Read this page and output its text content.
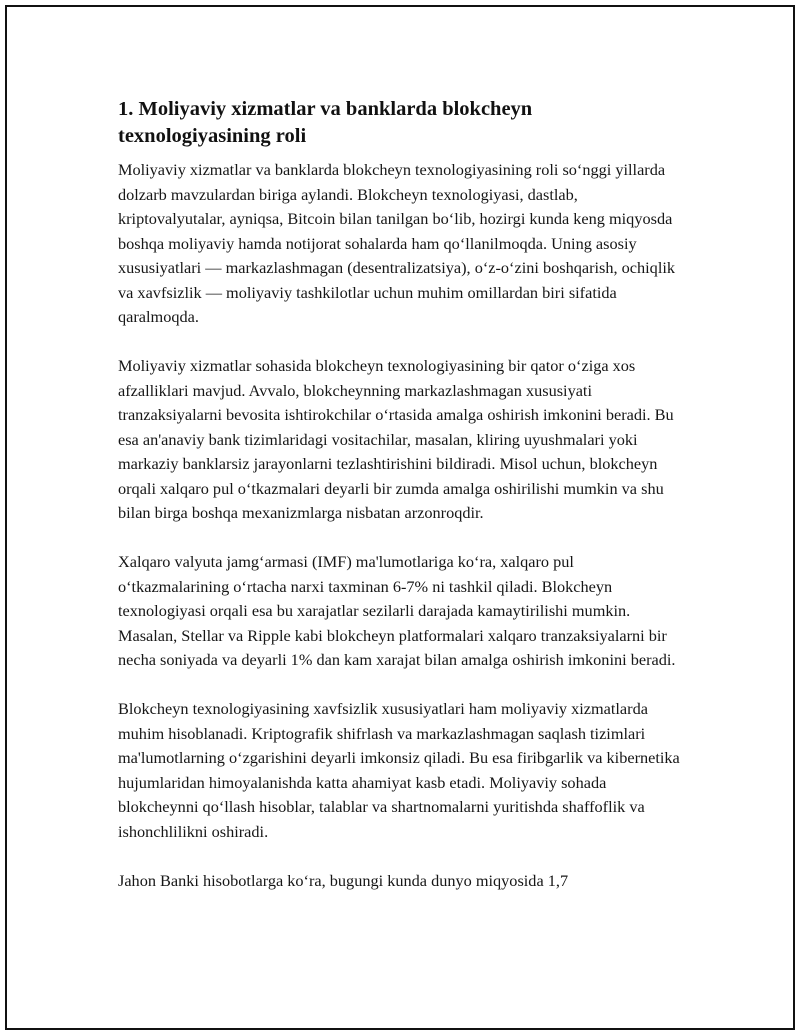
1. Moliyaviy xizmatlar va banklarda blokcheyn texnologiyasining roli

Moliyaviy xizmatlar va banklarda blokcheyn texnologiyasining roli so‘nggi yillarda dolzarb mavzulardan biriga aylandi. Blokcheyn texnologiyasi, dastlab, kriptovalyutalar, ayniqsa, Bitcoin bilan tanilgan bo‘lib, hozirgi kunda keng miqyosda boshqa moliyaviy hamda notijorat sohalarda ham qo‘llanilmoqda. Uning asosiy xususiyatlari — markazlashmagan (desentralizatsiya), o‘z-o‘zini boshqarish, ochiqlik va xavfsizlik — moliyaviy tashkilotlar uchun muhim omillardan biri sifatida qaralmoqda.

Moliyaviy xizmatlar sohasida blokcheyn texnologiyasining bir qator o‘ziga xos afzalliklari mavjud. Avvalo, blokcheynning markazlashmagan xususiyati tranzaksiyalarni bevosita ishtirokchilar o‘rtasida amalga oshirish imkonini beradi. Bu esa an'anaviy bank tizimlaridagi vositachilar, masalan, kliring uyushmalari yoki markaziy banklarsiz jarayonlarni tezlashtirishini bildiradi. Misol uchun, blokcheyn orqali xalqaro pul o‘tkazmalari deyarli bir zumda amalga oshirilishi mumkin va shu bilan birga boshqa mexanizmlarga nisbatan arzonroqdir.

Xalqaro valyuta jamg‘armasi (IMF) ma'lumotlariga ko‘ra, xalqaro pul o‘tkazmalarining o‘rtacha narxi taxminan 6-7% ni tashkil qiladi. Blokcheyn texnologiyasi orqali esa bu xarajatlar sezilarli darajada kamaytirilishi mumkin. Masalan, Stellar va Ripple kabi blokcheyn platformalari xalqaro tranzaksiyalarni bir necha soniyada va deyarli 1% dan kam xarajat bilan amalga oshirish imkonini beradi.

Blokcheyn texnologiyasining xavfsizlik xususiyatlari ham moliyaviy xizmatlarda muhim hisoblanadi. Kriptografik shifrlash va markazlashmagan saqlash tizimlari ma'lumotlarning o‘zgarishini deyarli imkonsiz qiladi. Bu esa firibgarlik va kibernetika hujumlaridan himoyalanishda katta ahamiyat kasb etadi. Moliyaviy sohada blokcheynni qo‘llash hisoblar, talablar va shartnomalarni yuritishda shaffoflik va ishonchlilikni oshiradi.

Jahon Banki hisobotlarga ko‘ra, bugungi kunda dunyo miqyosida 1,7
